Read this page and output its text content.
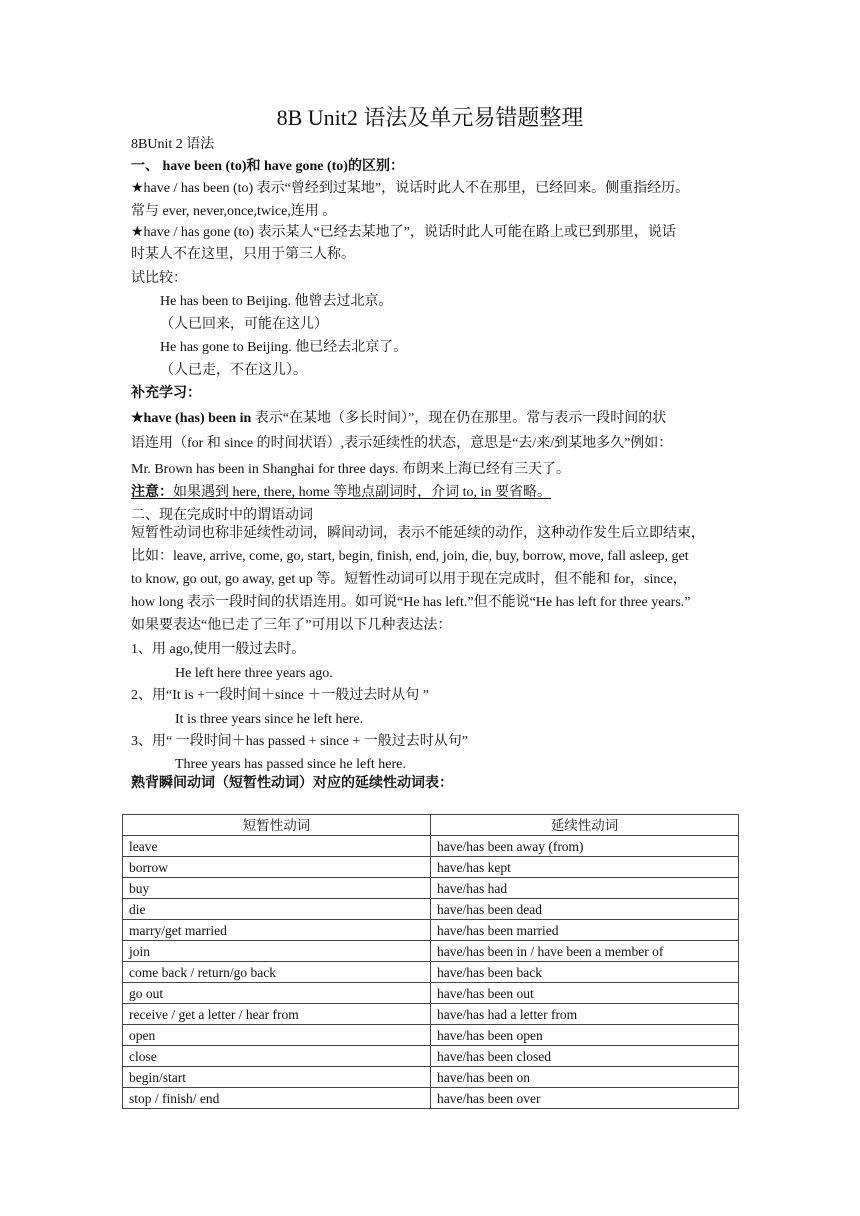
8B Unit2 语法及单元易错题整理
8BUnit 2 语法
一、 have been (to)和 have gone (to)的区别：
★have / has been (to) 表示“曾经到过某地”，说话时此人不在那里，已经回来。侧重指经历。
常与 ever, never,once,twice,连用 。
★have / has gone (to) 表示某人“已经去某地了”，说话时此人可能在路上或已到那里，说话
时某人不在这里，只用于第三人称。
试比较：
He has been to Beijing. 他曾去过北京。
（人已回来，可能在这儿）
He has gone to Beijing. 他已经去北京了。
（人已走，不在这儿）。
补充学习：
★have (has) been in 表示“在某地（多长时间）”，现在仍在那里。常与表示一段时间的状
语连用（for 和 since 的时间状语）,表示延续性的状态，意思是“去/来/到某地多久”例如：
Mr. Brown has been in Shanghai for three days. 布朗来上海已经有三天了。
注意：如果遇到 here, there, home 等地点副词时，介词 to, in 要省略。
二、现在完成时中的谓语动词
短暂性动词也称非延续性动词，瞬间动词，表示不能延续的动作，这种动作发生后立即结束，
比如：leave, arrive, come, go, start, begin, finish, end, join, die, buy, borrow, move, fall asleep, get
to know, go out, go away, get up 等。短暂性动词可以用于现在完成时，但不能和 for，since，
how long 表示一段时间的状语连用。如可说“He has left.”但不能说“He has left for three years.”
如果要表达“他已走了三年了”可用以下几种表达法：
1、用 ago,使用一般过去时。
He left here three years ago.
2、用“It is +一段时间＋since ＋一般过去时从句 ”
It is three years since he left here.
3、用“ 一段时间＋has passed + since + 一般过去时从句”
Three years has passed since he left here.
熟背瞬间动词（短暂性动词）对应的延续性动词表：
短暂性动词	延续性动词
leave	have/has been away (from)
borrow	have/has kept
buy	have/has had
die	have/has been dead
marry/get married	have/has been married
join	have/has been in / have been a member of
come back / return/go back	have/has been back
go out	have/has been out
receive / get a letter / hear from	have/has had a letter from
open	have/has been open
close	have/has been closed
begin/start	have/has been on
stop / finish/ end	have/has been over
